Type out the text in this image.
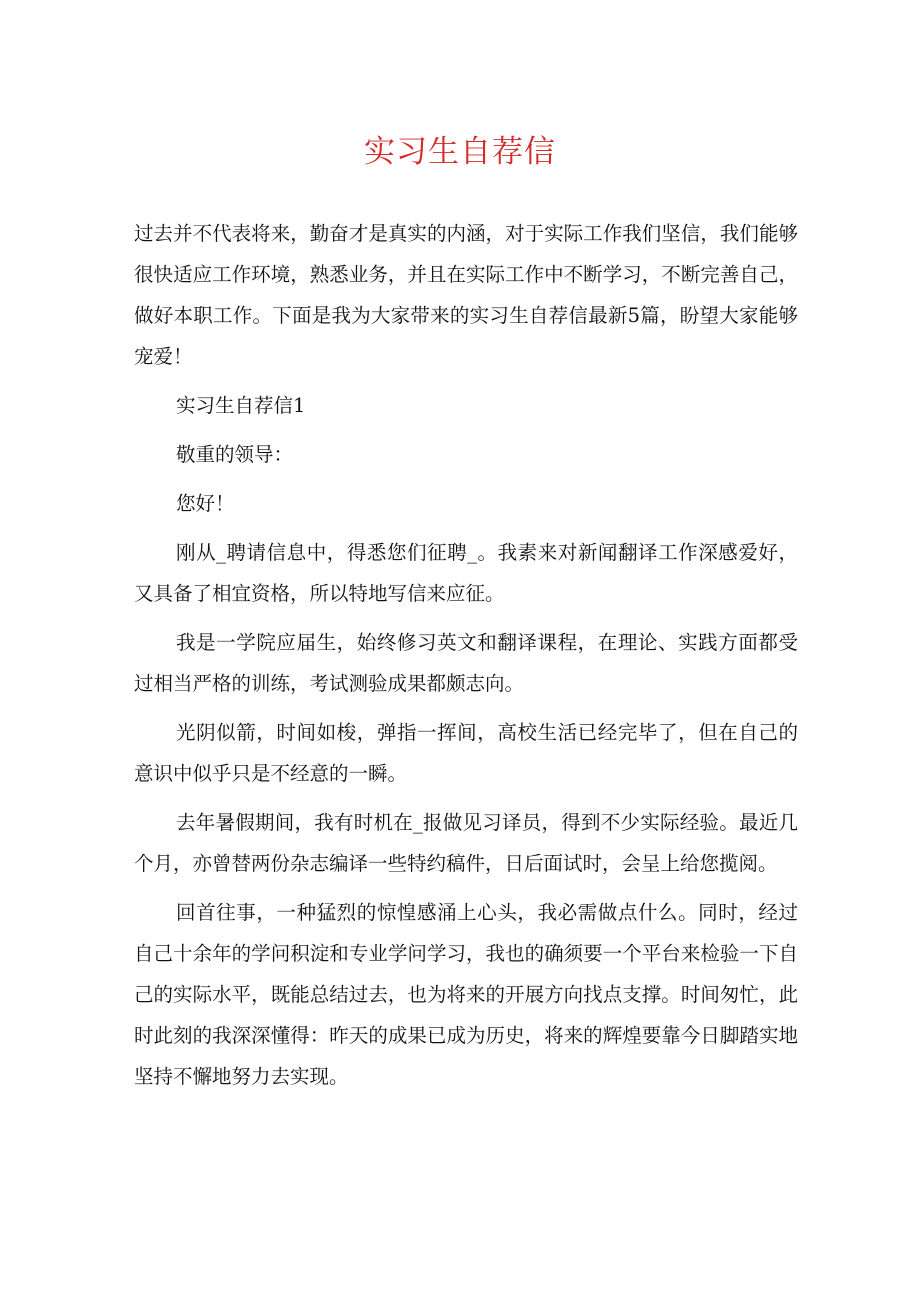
实习生自荐信

过去并不代表将来，勤奋才是真实的内涵，对于实际工作我们坚信，我们能够很快适应工作环境，熟悉业务，并且在实际工作中不断学习，不断完善自己，做好本职工作。下面是我为大家带来的实习生自荐信最新5篇，盼望大家能够宠爱！

实习生自荐信1

敬重的领导：

您好！

刚从_聘请信息中，得悉您们征聘_。我素来对新闻翻译工作深感爱好，又具备了相宜资格，所以特地写信来应征。

我是一学院应届生，始终修习英文和翻译课程，在理论、实践方面都受过相当严格的训练，考试测验成果都颇志向。

光阴似箭，时间如梭，弹指一挥间，高校生活已经完毕了，但在自己的意识中似乎只是不经意的一瞬。

去年暑假期间，我有时机在_报做见习译员，得到不少实际经验。最近几个月，亦曾替两份杂志编译一些特约稿件，日后面试时，会呈上给您揽阅。

回首往事，一种猛烈的惊惶感涌上心头，我必需做点什么。同时，经过自己十余年的学问积淀和专业学问学习，我也的确须要一个平台来检验一下自己的实际水平，既能总结过去，也为将来的开展方向找点支撑。时间匆忙，此时此刻的我深深懂得：昨天的成果已成为历史，将来的辉煌要靠今日脚踏实地坚持不懈地努力去实现。
